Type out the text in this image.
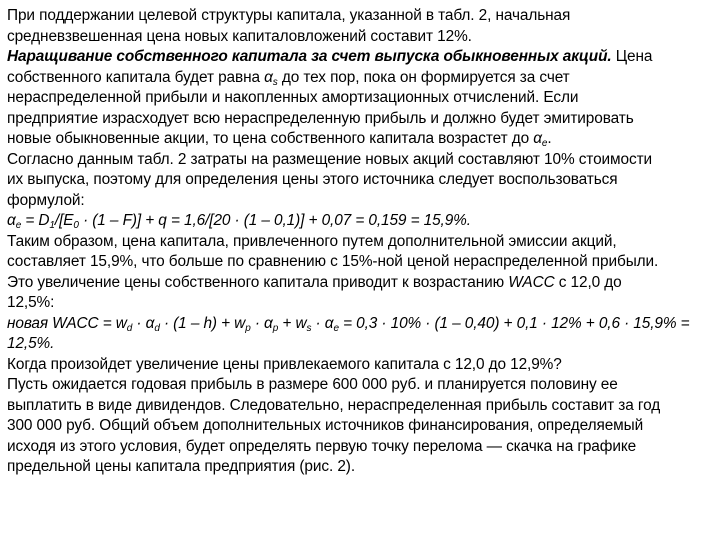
При поддержании целевой структуры капитала, указанной в табл. 2, начальная
средневзвешенная цена новых капиталовложений составит 12%.
Наращивание собственного капитала за счет выпуска обыкновенных акций. Цена
собственного капитала будет равна $\alpha_s$ до тех пор, пока он формируется за счет
нераспределенной прибыли и накопленных амортизационных отчислений. Если
предприятие израсходует всю нераспределенную прибыль и должно будет эмитировать
новые обыкновенные акции, то цена собственного капитала возрастет до $\alpha_e$.
Согласно данным табл. 2 затраты на размещение новых акций составляют 10% стоимости
их выпуска, поэтому для определения цены этого источника следует воспользоваться
формулой:
$\alpha_e = D_1/[E_0 \cdot (1 - F)] + q = 1,6/[20 \cdot (1 - 0,1)] + 0,07 = 0,159 = 15,9\%$.
Таким образом, цена капитала, привлеченного путем дополнительной эмиссии акций,
составляет 15,9%, что больше по сравнению с 15%-ной ценой нераспределенной прибыли.
Это увеличение цены собственного капитала приводит к возрастанию WACC с 12,0 до
12,5%:
новая WACC = $w_d \cdot \alpha_d \cdot (1 - h) + w_p \cdot \alpha_p + w_s \cdot \alpha_e = 0,3 \cdot 10\% \cdot (1 - 0,40) + 0,1 \cdot 12\% + 0,6 \cdot 15,9\%$ =
12,5%.
Когда произойдет увеличение цены привлекаемого капитала с 12,0 до 12,9%?
Пусть ожидается годовая прибыль в размере 600 000 руб. и планируется половину ее
выплатить в виде дивидендов. Следовательно, нераспределенная прибыль составит за год
300 000 руб. Общий объем дополнительных источников финансирования, определяемый
исходя из этого условия, будет определять первую точку перелома — скачка на графике
предельной цены капитала предприятия (рис. 2).
